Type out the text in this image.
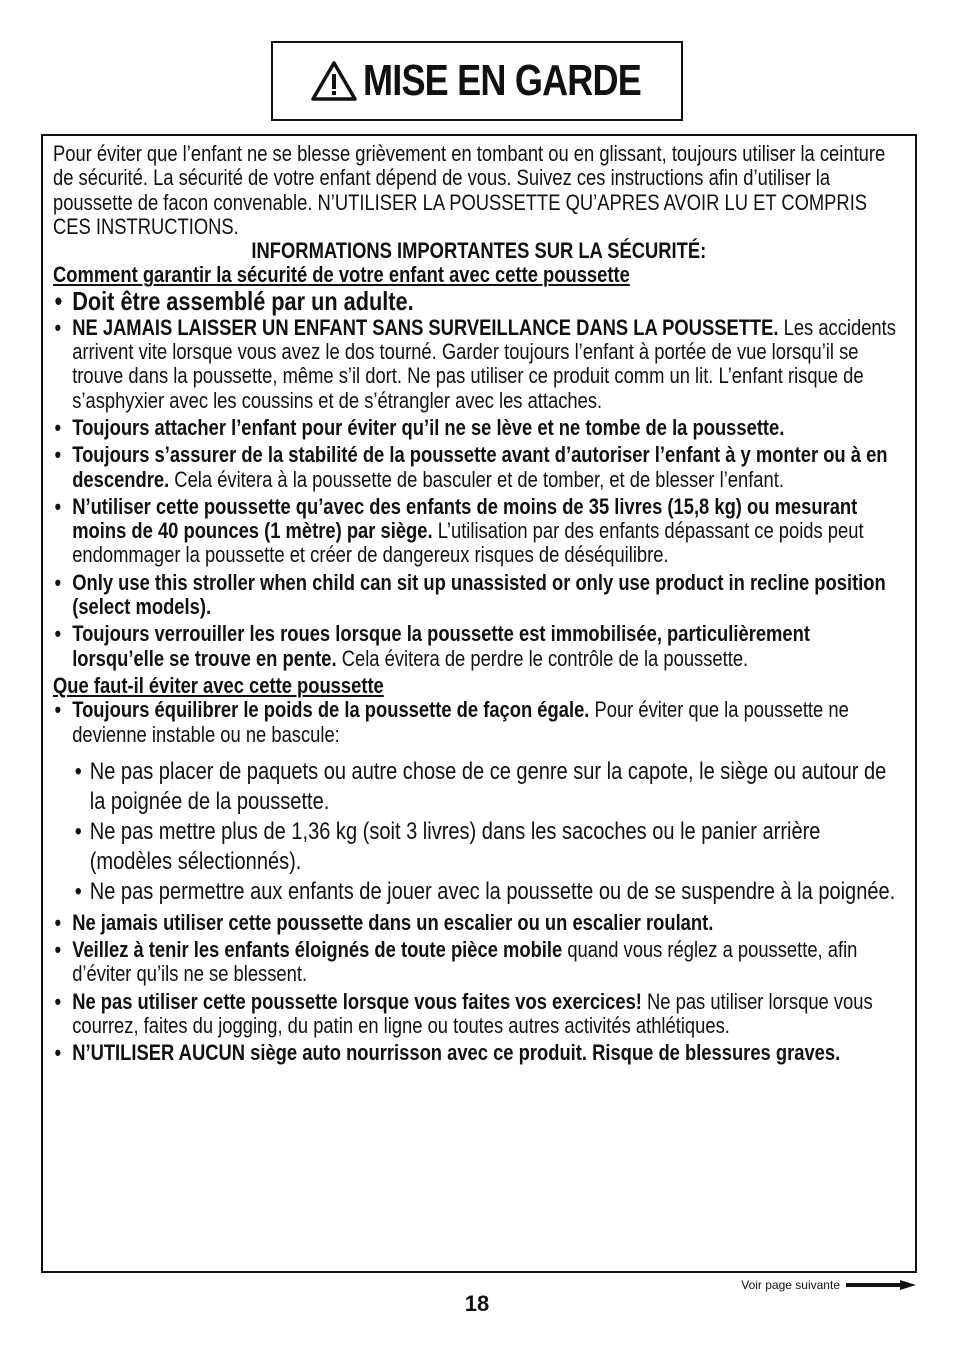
MISE EN GARDE

Pour éviter que l’enfant ne se blesse grièvement en tombant ou en glissant, toujours utiliser la ceinture de sécurité. La sécurité de votre enfant dépend de vous. Suivez ces instructions afin d’utiliser la poussette de facon convenable. N’UTILISER LA POUSSETTE QU’APRES AVOIR LU ET COMPRIS CES INSTRUCTIONS.

INFORMATIONS IMPORTANTES SUR LA SÉCURITÉ:

Comment garantir la sécurité de votre enfant avec cette poussette

• Doit être assemblé par un adulte.
• NE JAMAIS LAISSER UN ENFANT SANS SURVEILLANCE DANS LA POUSSETTE. Les accidents arrivent vite lorsque vous avez le dos tourné. Garder toujours l’enfant à portée de vue lorsqu’il se trouve dans la poussette, même s’il dort. Ne pas utiliser ce produit comm un lit. L’enfant risque de s’asphyxier avec les coussins et de s’étrangler avec les attaches.
• Toujours attacher l’enfant pour éviter qu’il ne se lève et ne tombe de la poussette.
• Toujours s’assurer de la stabilité de la poussette avant d’autoriser l’enfant à y monter ou à en descendre. Cela évitera à la poussette de basculer et de tomber, et de blesser l’enfant.
• N’utiliser cette poussette qu’avec des enfants de moins de 35 livres (15,8 kg) ou mesurant moins de 40 pounces (1 mètre) par siège. L’utilisation par des enfants dépassant ce poids peut endommager la poussette et créer de dangereux risques de déséquilibre.
• Only use this stroller when child can sit up unassisted or only use product in recline position (select models).
• Toujours verrouiller les roues lorsque la poussette est immobilisée, particulièrement lorsqu’elle se trouve en pente. Cela évitera de perdre le contrôle de la poussette.

Que faut-il éviter avec cette poussette

• Toujours équilibrer le poids de la poussette de façon égale. Pour éviter que la poussette ne devienne instable ou ne bascule:
• Ne pas placer de paquets ou autre chose de ce genre sur la capote, le siège ou autour de la poignée de la poussette.
• Ne pas mettre plus de 1,36 kg (soit 3 livres) dans les sacoches ou le panier arrière (modèles sélectionnés).
• Ne pas permettre aux enfants de jouer avec la poussette ou de se suspendre à la poignée.
• Ne jamais utiliser cette poussette dans un escalier ou un escalier roulant.
• Veillez à tenir les enfants éloignés de toute pièce mobile quand vous réglez a poussette, afin d’éviter qu’ils ne se blessent.
• Ne pas utiliser cette poussette lorsque vous faites vos exercices! Ne pas utiliser lorsque vous courrez, faites du jogging, du patin en ligne ou toutes autres activités athlétiques.
• N’UTILISER AUCUN siège auto nourrisson avec ce produit. Risque de blessures graves.
18
Voir page suivante
